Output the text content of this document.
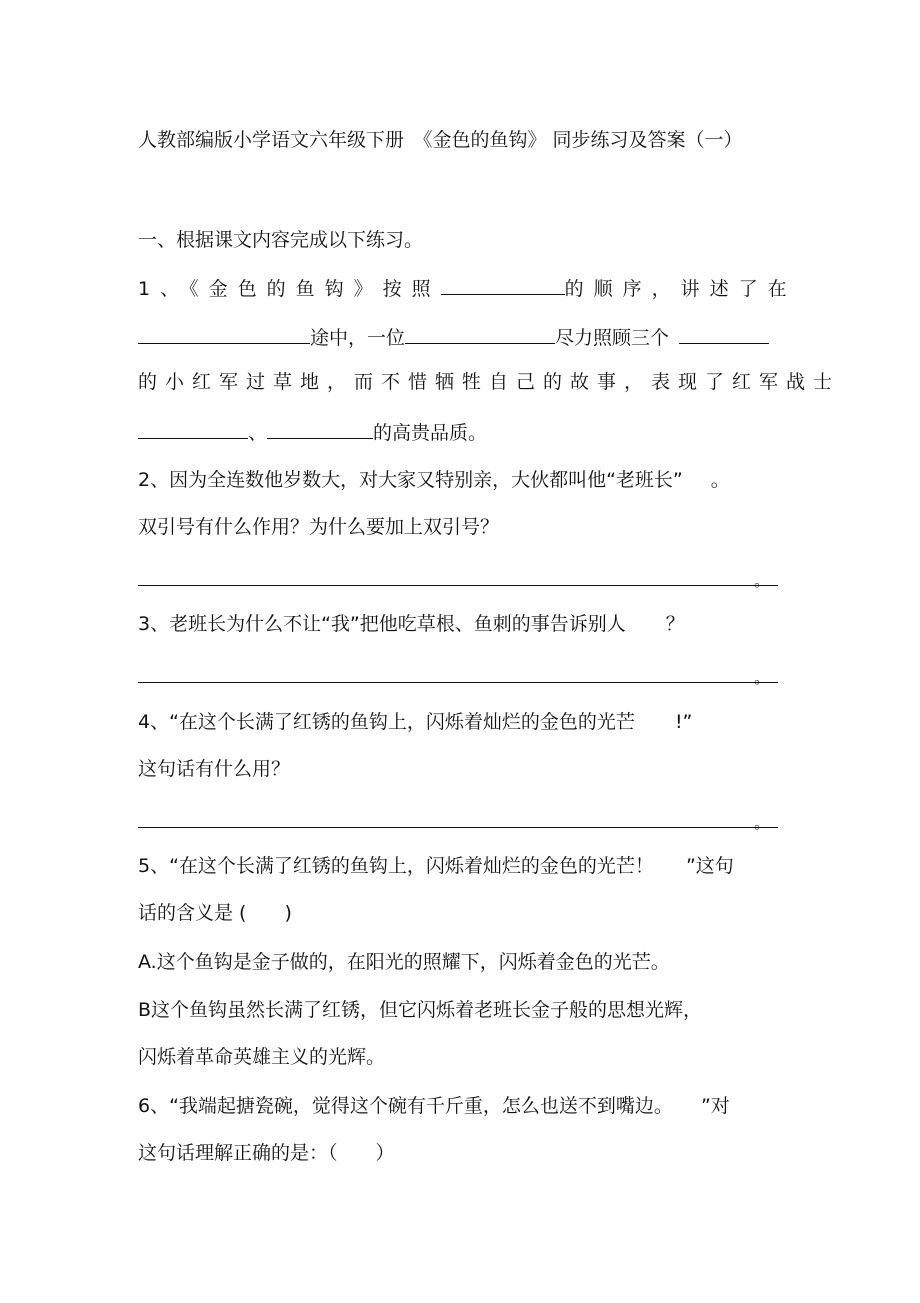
人教部编版小学语文六年级下册　《金色的鱼钩》 同步练习及答案（一）
一、根据课文内容完成以下练习。
1、《金色的鱼钩》按照	的顺序，讲述了在
途中，一位	尽力照顾三个
的小红军过草地，而不惜牺牲自己的故事，表现了红军战士
、	的高贵品质。
2、因为全连数他岁数大，对大家又特别亲，大伙都叫他“老班长” 。
双引号有什么作用？为什么要加上双引号？
。
3、老班长为什么不让“我”把他吃草根、鱼刺的事告诉别人 ？
。
4、“在这个长满了红锈的鱼钩上，闪烁着灿烂的金色的光芒 !”
这句话有什么用？
。
5、“在这个长满了红锈的鱼钩上，闪烁着灿烂的金色的光芒！ ”这句
话的含义是 (　　)
A.这个鱼钩是金子做的，在阳光的照耀下，闪烁着金色的光芒。
B这个鱼钩虽然长满了红锈，但它闪烁着老班长金子般的思想光辉，
闪烁着革命英雄主义的光辉。
6、“我端起搪瓷碗，觉得这个碗有千斤重，怎么也送不到嘴边。 ”对
这句话理解正确的是：（　　）
